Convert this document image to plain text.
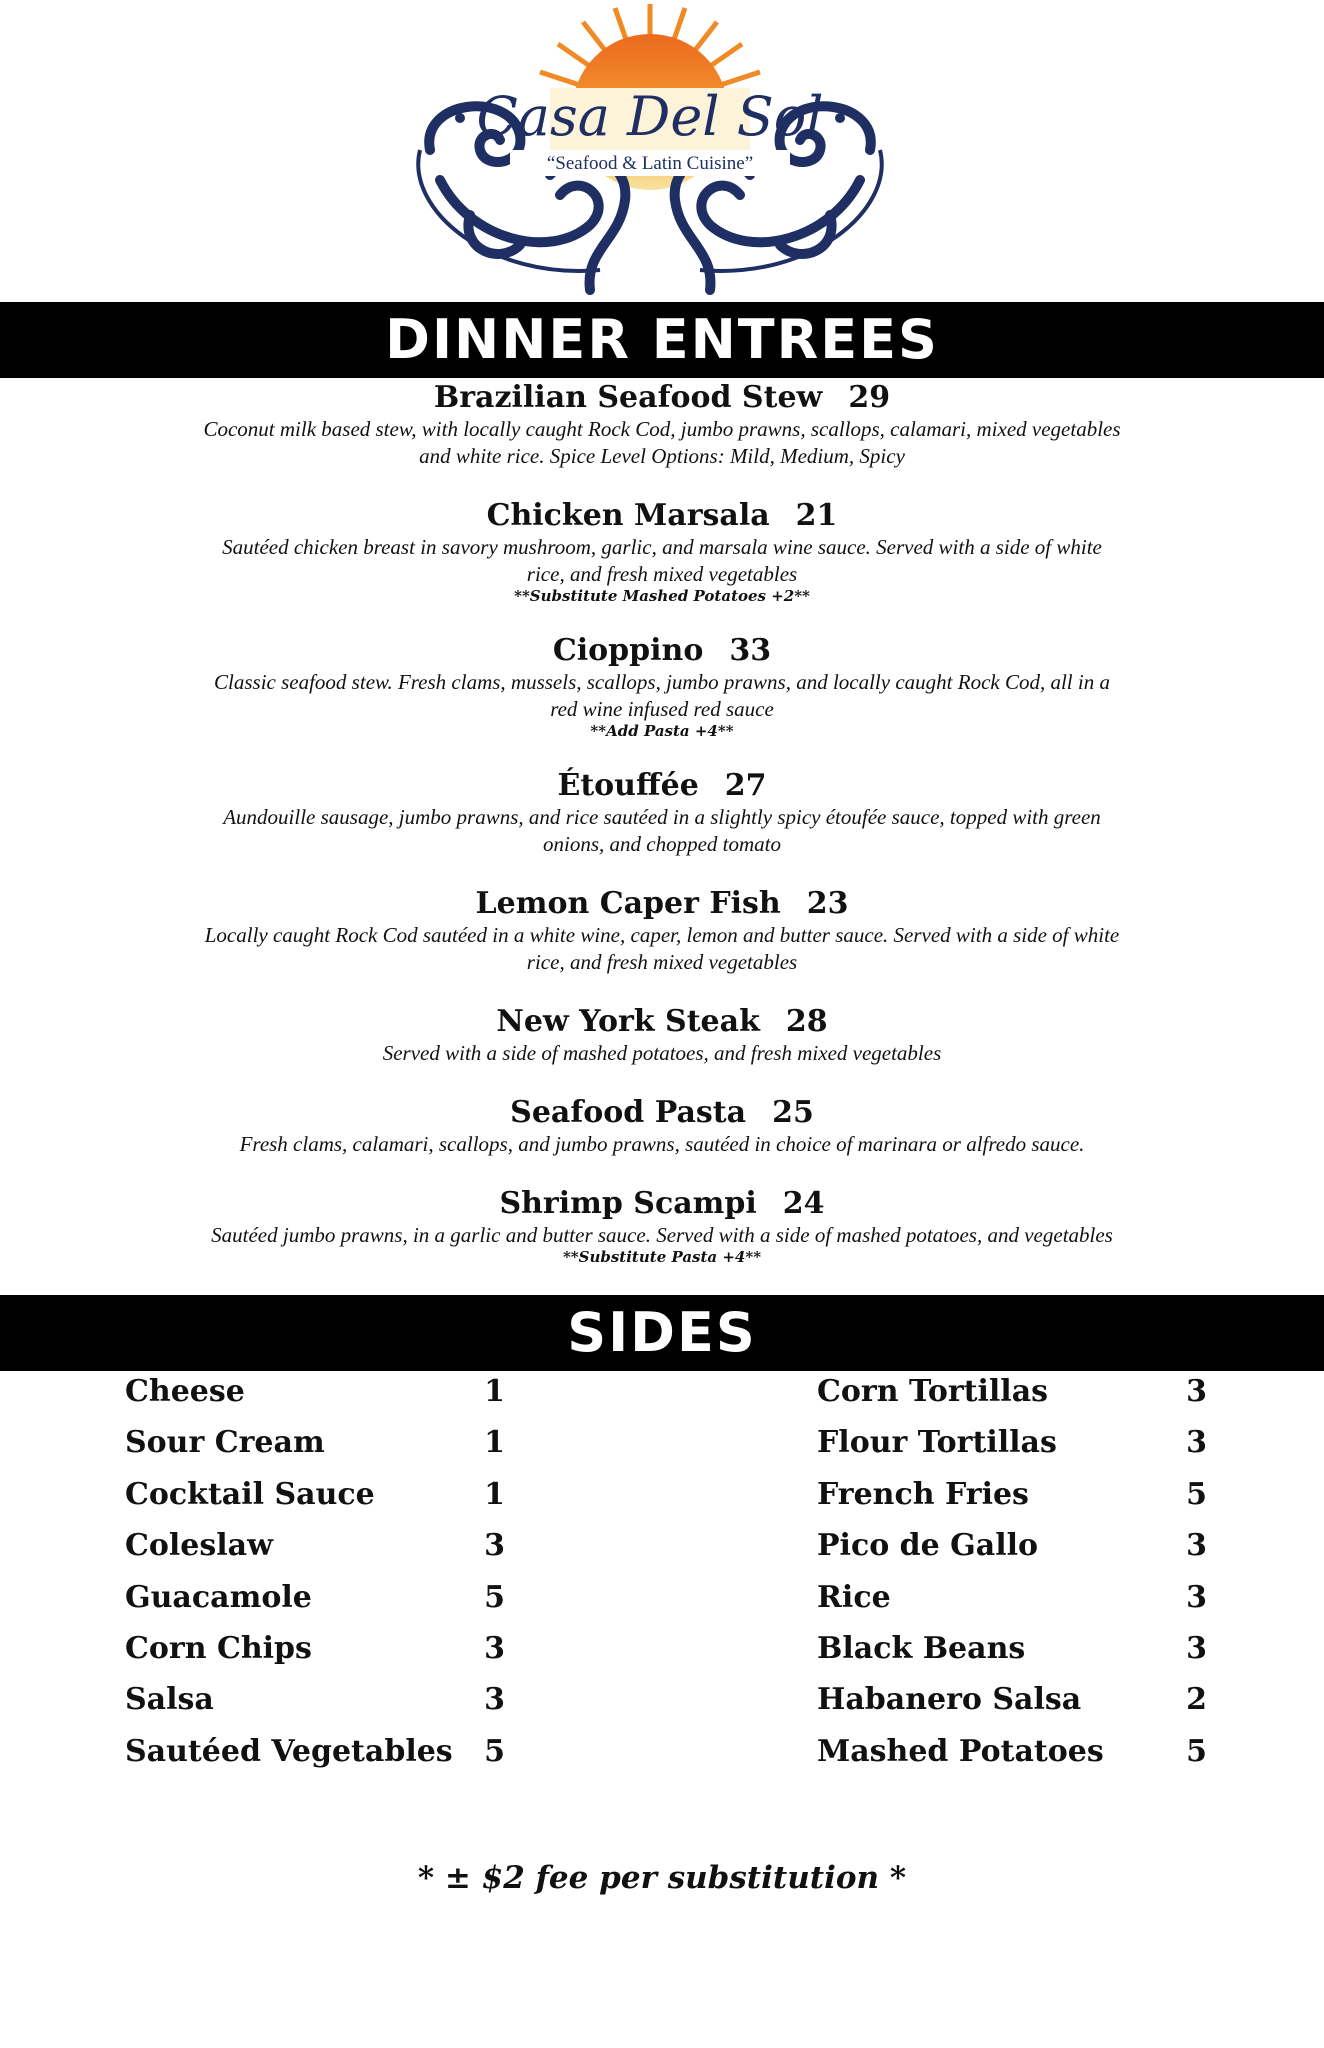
Casa Del Sol
“Seafood & Latin Cuisine”
DINNER ENTREES
Brazilian Seafood Stew 29
Coconut milk based stew, with locally caught Rock Cod, jumbo prawns, scallops, calamari, mixed vegetables
and white rice. Spice Level Options: Mild, Medium, Spicy
Chicken Marsala 21
Sautéed chicken breast in savory mushroom, garlic, and marsala wine sauce. Served with a side of white
rice, and fresh mixed vegetables
**Substitute Mashed Potatoes +2**
Cioppino 33
Classic seafood stew. Fresh clams, mussels, scallops, jumbo prawns, and locally caught Rock Cod, all in a
red wine infused red sauce
**Add Pasta +4**
Étouffée 27
Aundouille sausage, jumbo prawns, and rice sautéed in a slightly spicy étoufée sauce, topped with green
onions, and chopped tomato
Lemon Caper Fish 23
Locally caught Rock Cod sautéed in a white wine, caper, lemon and butter sauce. Served with a side of white
rice, and fresh mixed vegetables
New York Steak 28
Served with a side of mashed potatoes, and fresh mixed vegetables
Seafood Pasta 25
Fresh clams, calamari, scallops, and jumbo prawns, sautéed in choice of marinara or alfredo sauce.
Shrimp Scampi 24
Sautéed jumbo prawns, in a garlic and butter sauce. Served with a side of mashed potatoes, and vegetables
**Substitute Pasta +4**
SIDES
Cheese	1
Sour Cream	1
Cocktail Sauce	1
Coleslaw	3
Guacamole	5
Corn Chips	3
Salsa	3
Sautéed Vegetables 5
Corn Tortillas	3
Flour Tortillas	3
French Fries	5
Pico de Gallo	3
Rice	3
Black Beans	3
Habanero Salsa	2
Mashed Potatoes	5
* ± $2 fee per substitution *
